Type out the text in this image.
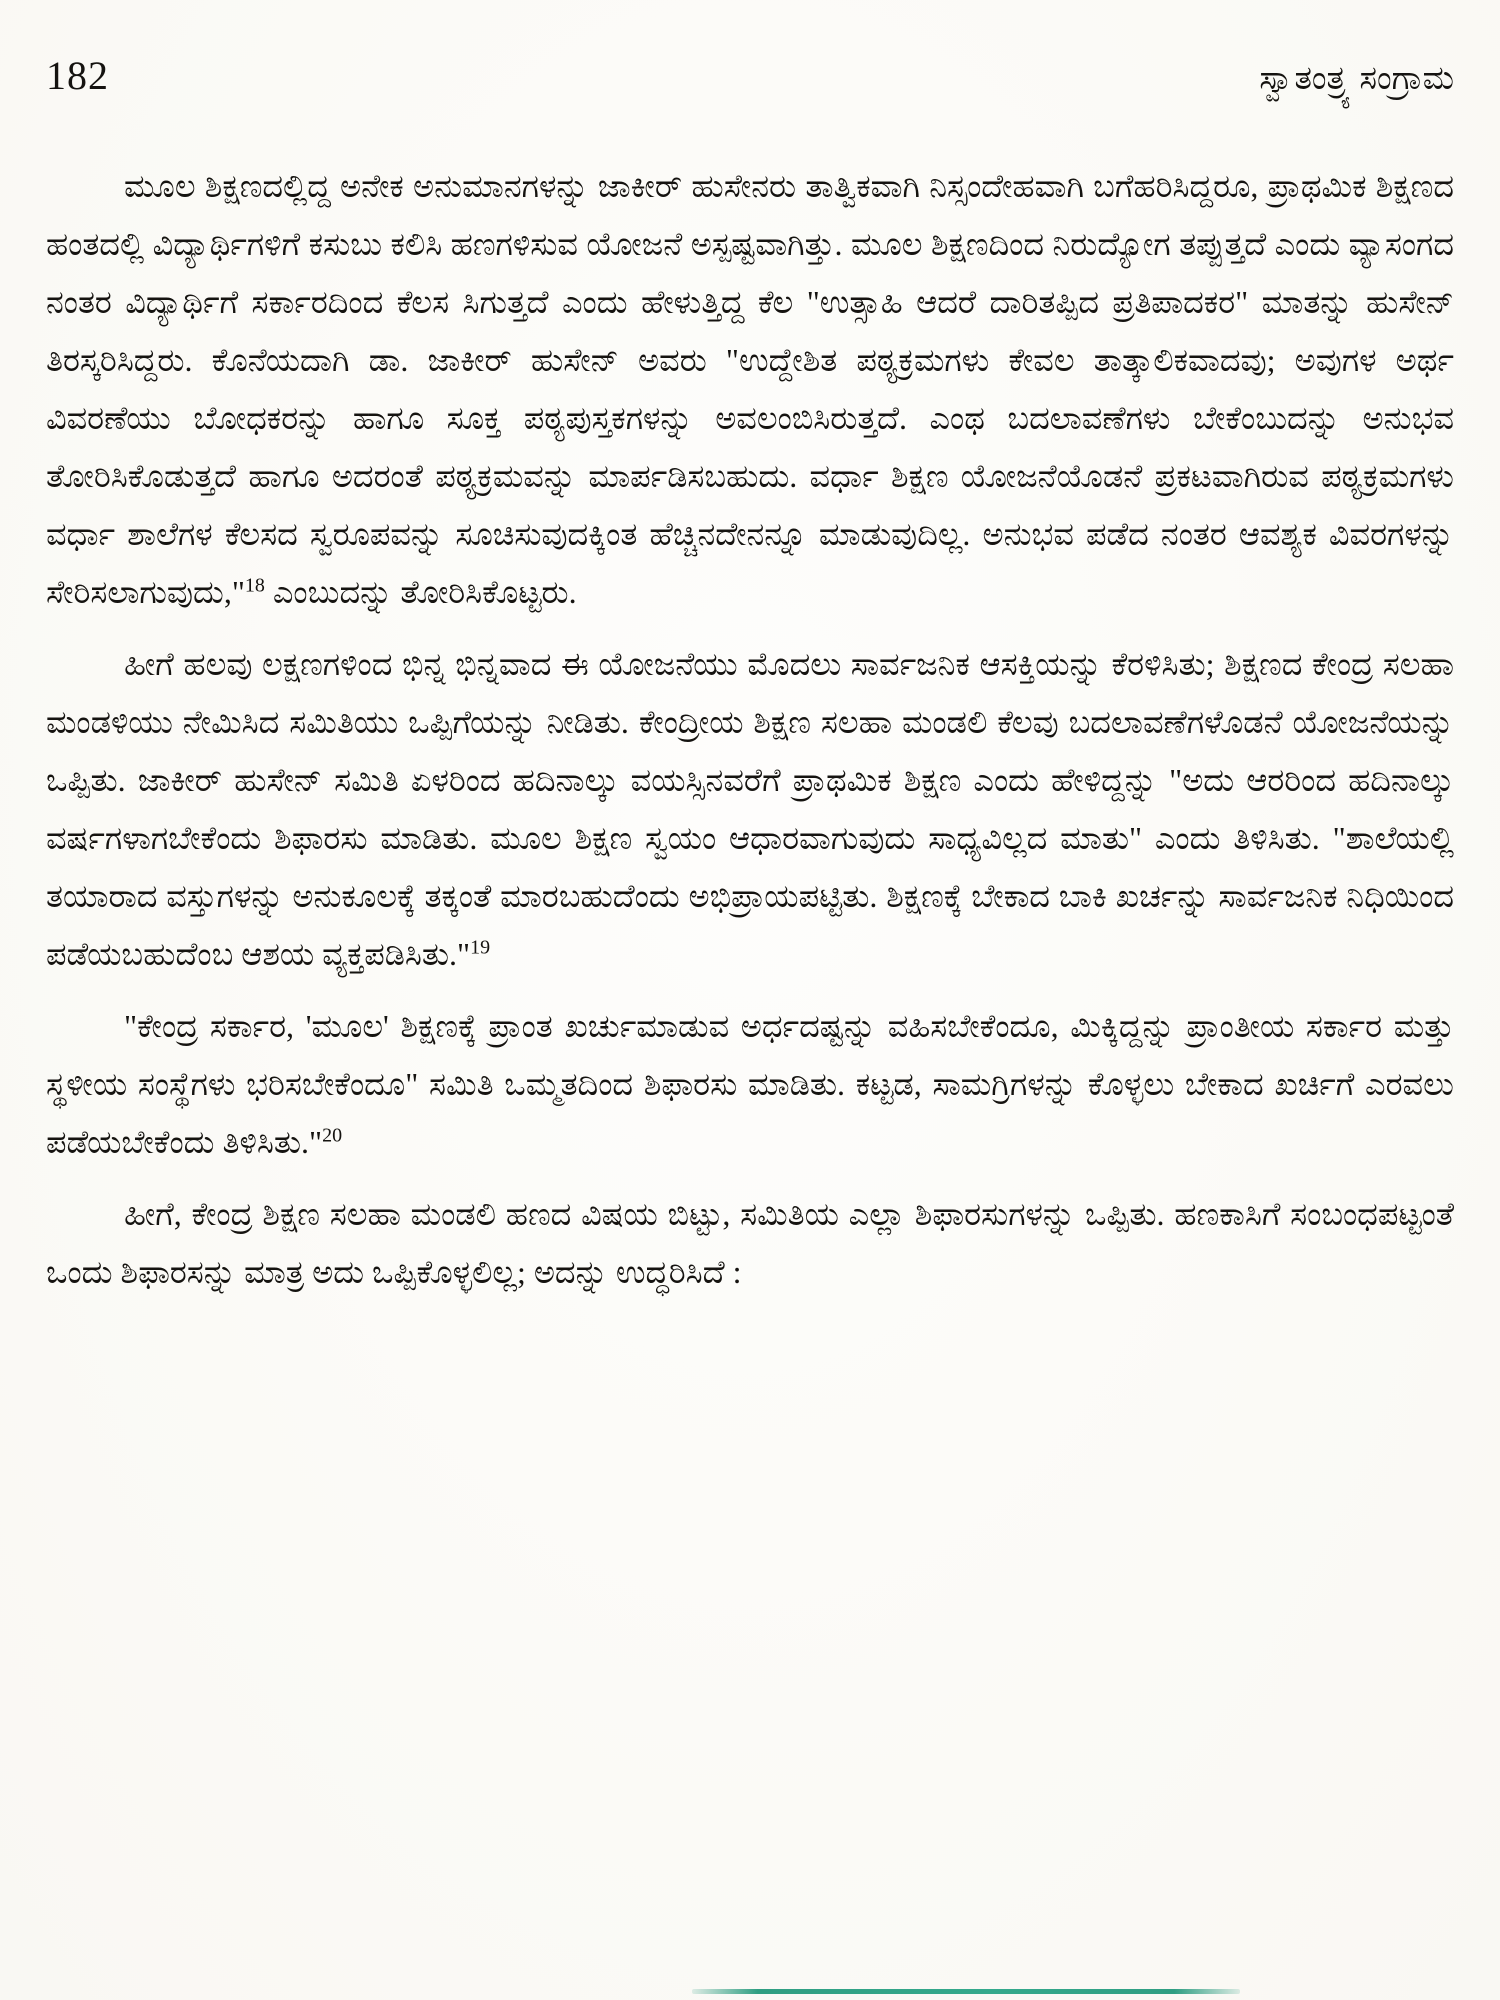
182	ಸ್ವಾತಂತ್ರ್ಯ ಸಂಗ್ರಾಮ

ಮೂಲ ಶಿಕ್ಷಣದಲ್ಲಿದ್ದ ಅನೇಕ ಅನುಮಾನಗಳನ್ನು ಜಾಕೀರ್ ಹುಸೇನರು ತಾತ್ವಿಕವಾಗಿ ನಿಸ್ಸಂದೇಹವಾಗಿ ಬಗೆಹರಿಸಿದ್ದರೂ, ಪ್ರಾಥಮಿಕ ಶಿಕ್ಷಣದ ಹಂತದಲ್ಲಿ ವಿದ್ಯಾರ್ಥಿಗಳಿಗೆ ಕಸುಬು ಕಲಿಸಿ ಹಣಗಳಿಸುವ ಯೋಜನೆ ಅಸ್ಪಷ್ಟವಾಗಿತ್ತು. ಮೂಲ ಶಿಕ್ಷಣದಿಂದ ನಿರುದ್ಯೋಗ ತಪ್ಪುತ್ತದೆ ಎಂದು ವ್ಯಾಸಂಗದ ನಂತರ ವಿದ್ಯಾರ್ಥಿಗೆ ಸರ್ಕಾರದಿಂದ ಕೆಲಸ ಸಿಗುತ್ತದೆ ಎಂದು ಹೇಳುತ್ತಿದ್ದ ಕೆಲ "ಉತ್ಸಾಹಿ ಆದರೆ ದಾರಿತಪ್ಪಿದ ಪ್ರತಿಪಾದಕರ" ಮಾತನ್ನು ಹುಸೇನ್ ತಿರಸ್ಕರಿಸಿದ್ದರು. ಕೊನೆಯದಾಗಿ ಡಾ. ಜಾಕೀರ್ ಹುಸೇನ್ ಅವರು "ಉದ್ದೇಶಿತ ಪಠ್ಯಕ್ರಮಗಳು ಕೇವಲ ತಾತ್ಕಾಲಿಕವಾದವು; ಅವುಗಳ ಅರ್ಥ ವಿವರಣೆಯು ಬೋಧಕರನ್ನು ಹಾಗೂ ಸೂಕ್ತ ಪಠ್ಯಪುಸ್ತಕಗಳನ್ನು ಅವಲಂಬಿಸಿರುತ್ತದೆ. ಎಂಥ ಬದಲಾವಣೆಗಳು ಬೇಕೆಂಬುದನ್ನು ಅನುಭವ ತೋರಿಸಿಕೊಡುತ್ತದೆ ಹಾಗೂ ಅದರಂತೆ ಪಠ್ಯಕ್ರಮವನ್ನು ಮಾರ್ಪಡಿಸಬಹುದು. ವರ್ಧಾ ಶಿಕ್ಷಣ ಯೋಜನೆಯೊಡನೆ ಪ್ರಕಟವಾಗಿರುವ ಪಠ್ಯಕ್ರಮಗಳು ವರ್ಧಾ ಶಾಲೆಗಳ ಕೆಲಸದ ಸ್ವರೂಪವನ್ನು ಸೂಚಿಸುವುದಕ್ಕಿಂತ ಹೆಚ್ಚಿನದೇನನ್ನೂ ಮಾಡುವುದಿಲ್ಲ. ಅನುಭವ ಪಡೆದ ನಂತರ ಆವಶ್ಯಕ ವಿವರಗಳನ್ನು ಸೇರಿಸಲಾಗುವುದು,"$^{18}$ ಎಂಬುದನ್ನು ತೋರಿಸಿಕೊಟ್ಟರು.

ಹೀಗೆ ಹಲವು ಲಕ್ಷಣಗಳಿಂದ ಭಿನ್ನ ಭಿನ್ನವಾದ ಈ ಯೋಜನೆಯು ಮೊದಲು ಸಾರ್ವಜನಿಕ ಆಸಕ್ತಿಯನ್ನು ಕೆರಳಿಸಿತು; ಶಿಕ್ಷಣದ ಕೇಂದ್ರ ಸಲಹಾ ಮಂಡಳಿಯು ನೇಮಿಸಿದ ಸಮಿತಿಯು ಒಪ್ಪಿಗೆಯನ್ನು ನೀಡಿತು. ಕೇಂದ್ರೀಯ ಶಿಕ್ಷಣ ಸಲಹಾ ಮಂಡಲಿ ಕೆಲವು ಬದಲಾವಣೆಗಳೊಡನೆ ಯೋಜನೆಯನ್ನು ಒಪ್ಪಿತು. ಜಾಕೀರ್ ಹುಸೇನ್ ಸಮಿತಿ ಏಳರಿಂದ ಹದಿನಾಲ್ಕು ವಯಸ್ಸಿನವರೆಗೆ ಪ್ರಾಥಮಿಕ ಶಿಕ್ಷಣ ಎಂದು ಹೇಳಿದ್ದನ್ನು "ಅದು ಆರರಿಂದ ಹದಿನಾಲ್ಕು ವರ್ಷಗಳಾಗಬೇಕೆಂದು ಶಿಫಾರಸು ಮಾಡಿತು. ಮೂಲ ಶಿಕ್ಷಣ ಸ್ವಯಂ ಆಧಾರವಾಗುವುದು ಸಾಧ್ಯವಿಲ್ಲದ ಮಾತು" ಎಂದು ತಿಳಿಸಿತು. "ಶಾಲೆಯಲ್ಲಿ ತಯಾರಾದ ವಸ್ತುಗಳನ್ನು ಅನುಕೂಲಕ್ಕೆ ತಕ್ಕಂತೆ ಮಾರಬಹುದೆಂದು ಅಭಿಪ್ರಾಯಪಟ್ಟಿತು. ಶಿಕ್ಷಣಕ್ಕೆ ಬೇಕಾದ ಬಾಕಿ ಖರ್ಚನ್ನು ಸಾರ್ವಜನಿಕ ನಿಧಿಯಿಂದ ಪಡೆಯಬಹುದೆಂಬ ಆಶಯ ವ್ಯಕ್ತಪಡಿಸಿತು."$^{19}$

"ಕೇಂದ್ರ ಸರ್ಕಾರ, 'ಮೂಲ' ಶಿಕ್ಷಣಕ್ಕೆ ಪ್ರಾಂತ ಖರ್ಚುಮಾಡುವ ಅರ್ಧದಷ್ಟನ್ನು ವಹಿಸಬೇಕೆಂದೂ, ಮಿಕ್ಕಿದ್ದನ್ನು ಪ್ರಾಂತೀಯ ಸರ್ಕಾರ ಮತ್ತು ಸ್ಥಳೀಯ ಸಂಸ್ಥೆಗಳು ಭರಿಸಬೇಕೆಂದೂ" ಸಮಿತಿ ಒಮ್ಮತದಿಂದ ಶಿಫಾರಸು ಮಾಡಿತು. ಕಟ್ಟಡ, ಸಾಮಗ್ರಿಗಳನ್ನು ಕೊಳ್ಳಲು ಬೇಕಾದ ಖರ್ಚಿಗೆ ಎರವಲು ಪಡೆಯಬೇಕೆಂದು ತಿಳಿಸಿತು."$^{20}$

ಹೀಗೆ, ಕೇಂದ್ರ ಶಿಕ್ಷಣ ಸಲಹಾ ಮಂಡಲಿ ಹಣದ ವಿಷಯ ಬಿಟ್ಟು, ಸಮಿತಿಯ ಎಲ್ಲಾ ಶಿಫಾರಸುಗಳನ್ನು ಒಪ್ಪಿತು. ಹಣಕಾಸಿಗೆ ಸಂಬಂಧಪಟ್ಟಂತೆ ಒಂದು ಶಿಫಾರಸನ್ನು ಮಾತ್ರ ಅದು ಒಪ್ಪಿಕೊಳ್ಳಲಿಲ್ಲ; ಅದನ್ನು ಉದ್ಧರಿಸಿದೆ :
